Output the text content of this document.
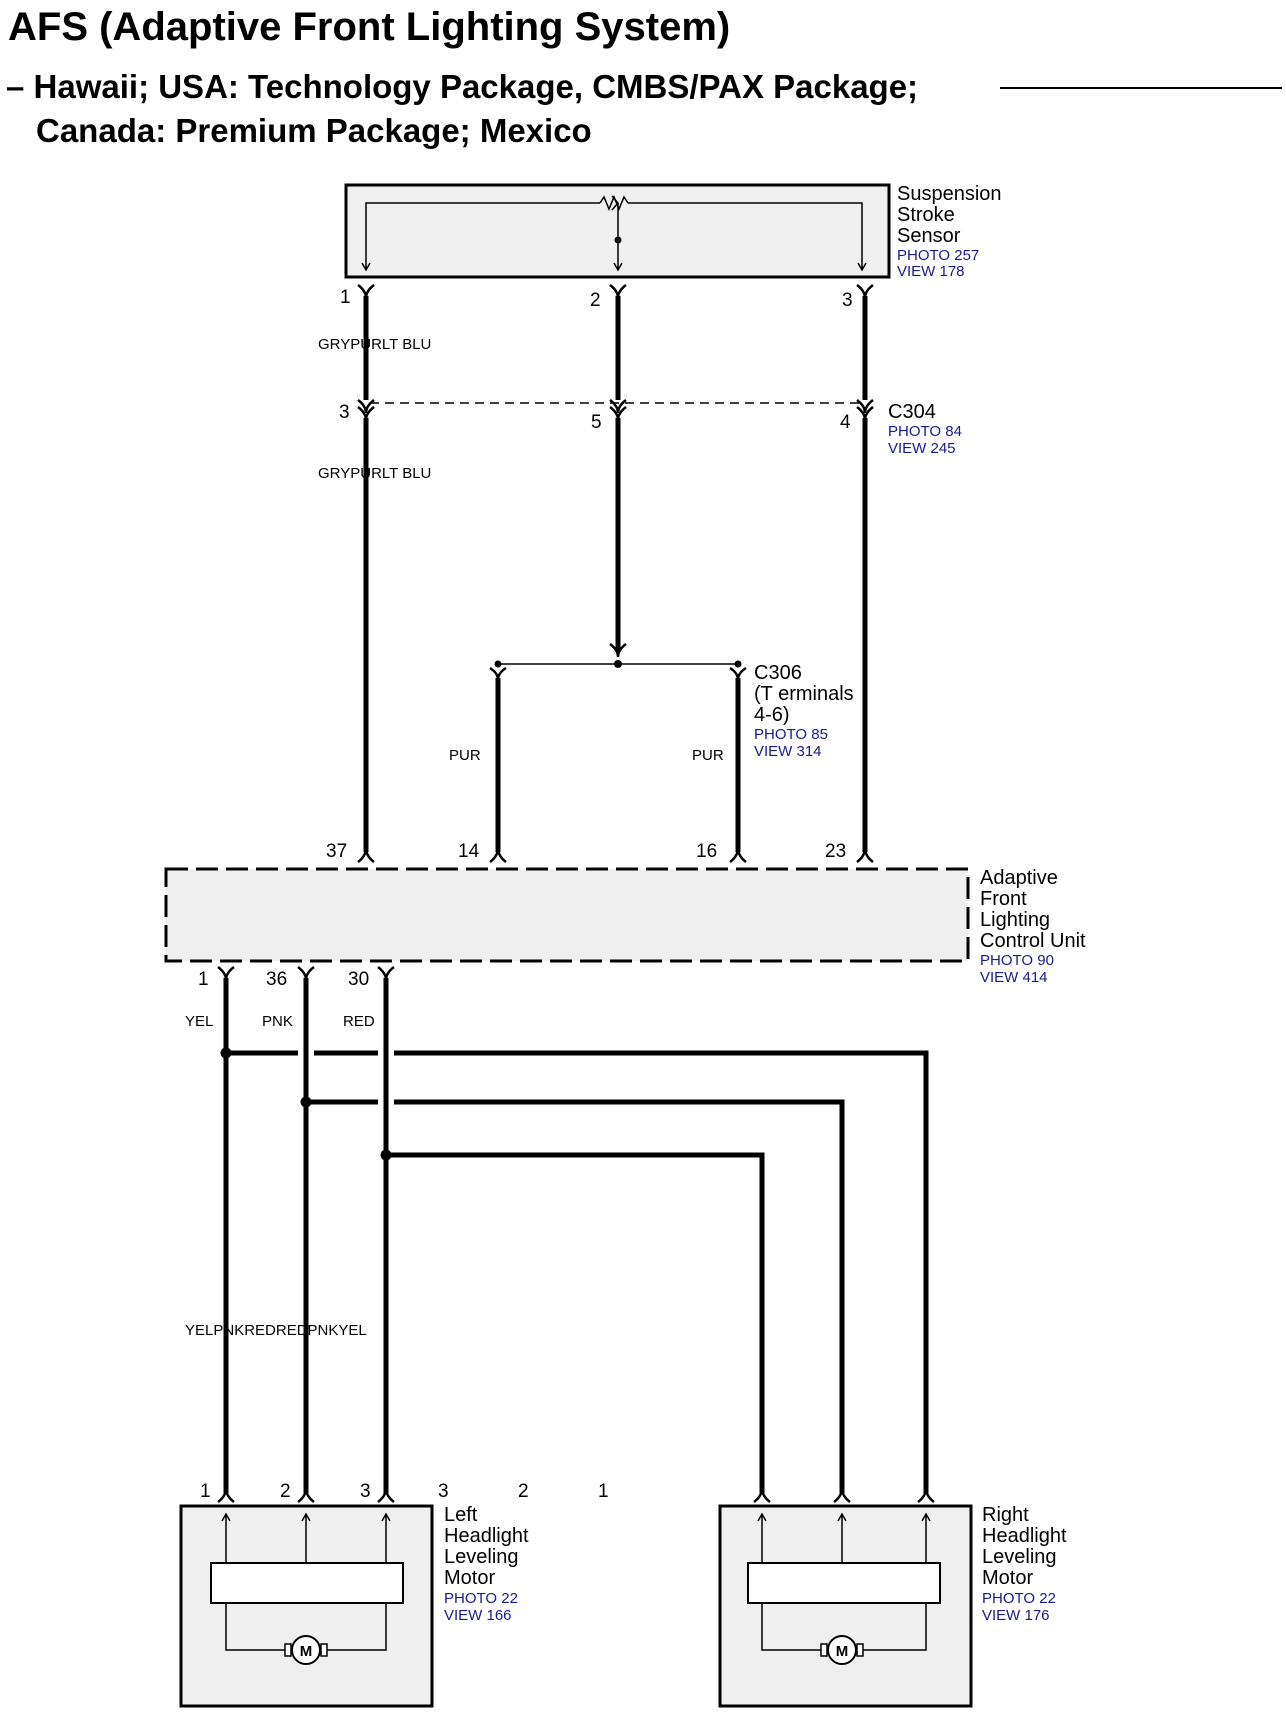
AFS (Adaptive Front Lighting System)
– Hawaii; USA: Technology Package, CMBS/PAX Package;
Canada: Premium Package; Mexico
Suspension
Stroke
Sensor
PHOTO 257
VIEW 178
1	2	3
GRYPURLT BLU
3	5	4 C304
PHOTO 84
VIEW 245
GRYPURLT BLU
C306
(T erminals
4-6)
PHOTO 85
VIEW 314
PUR	PUR
37	14	16	23
Adaptive
Front
Lighting
Control Unit
PHOTO 90
VIEW 414
1	36	30
YEL	PNK	RED
YELPNKREDREDPNKYEL
1	2	3	3	2	1
M
Left
Headlight
Leveling
Motor
PHOTO 22
VIEW 166
M
Right
Headlight
Leveling
Motor
PHOTO 22
VIEW 176
